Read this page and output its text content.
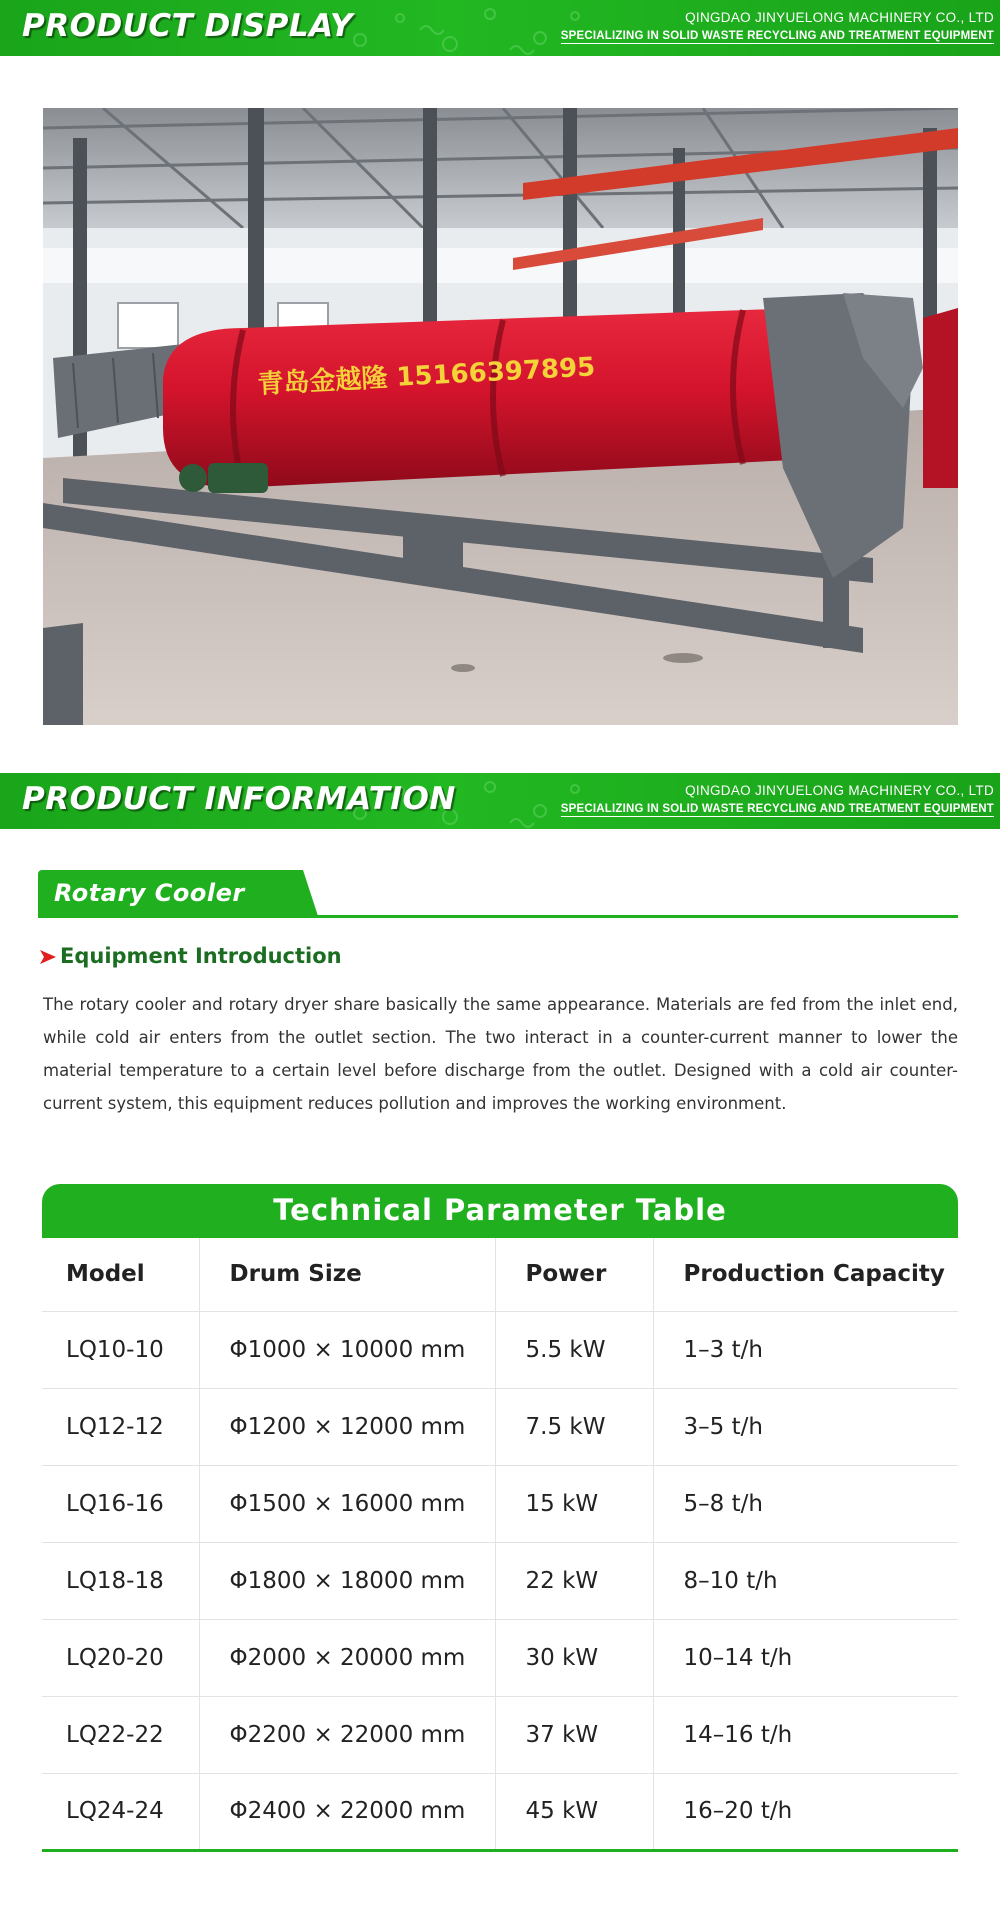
PRODUCT DISPLAY	QINGDAO JINYUELONG MACHINERY CO., LTD
SPECIALIZING IN SOLID WASTE RECYCLING AND TREATMENT EQUIPMENT
青岛金越隆 15166397895
PRODUCT INFORMATION	QINGDAO JINYUELONG MACHINERY CO., LTD
SPECIALIZING IN SOLID WASTE RECYCLING AND TREATMENT EQUIPMENT
Rotary Cooler
Equipment Introduction

The rotary cooler and rotary dryer share basically the same appearance. Materials are fed from the inlet end, while cold air enters from the outlet section. The two interact in a counter-current manner to lower the material temperature to a certain level before discharge from the outlet. Designed with a cold air counter-current system, this equipment reduces pollution and improves the working environment.

Technical Parameter Table
Model	Drum Size	Power	Production Capacity
LQ10-10	Φ1000 × 10000 mm	5.5 kW	1–3 t/h
LQ12-12	Φ1200 × 12000 mm	7.5 kW	3–5 t/h
LQ16-16	Φ1500 × 16000 mm	15 kW	5–8 t/h
LQ18-18	Φ1800 × 18000 mm	22 kW	8–10 t/h
LQ20-20	Φ2000 × 20000 mm	30 kW	10–14 t/h
LQ22-22	Φ2200 × 22000 mm	37 kW	14–16 t/h
LQ24-24	Φ2400 × 22000 mm	45 kW	16–20 t/h
